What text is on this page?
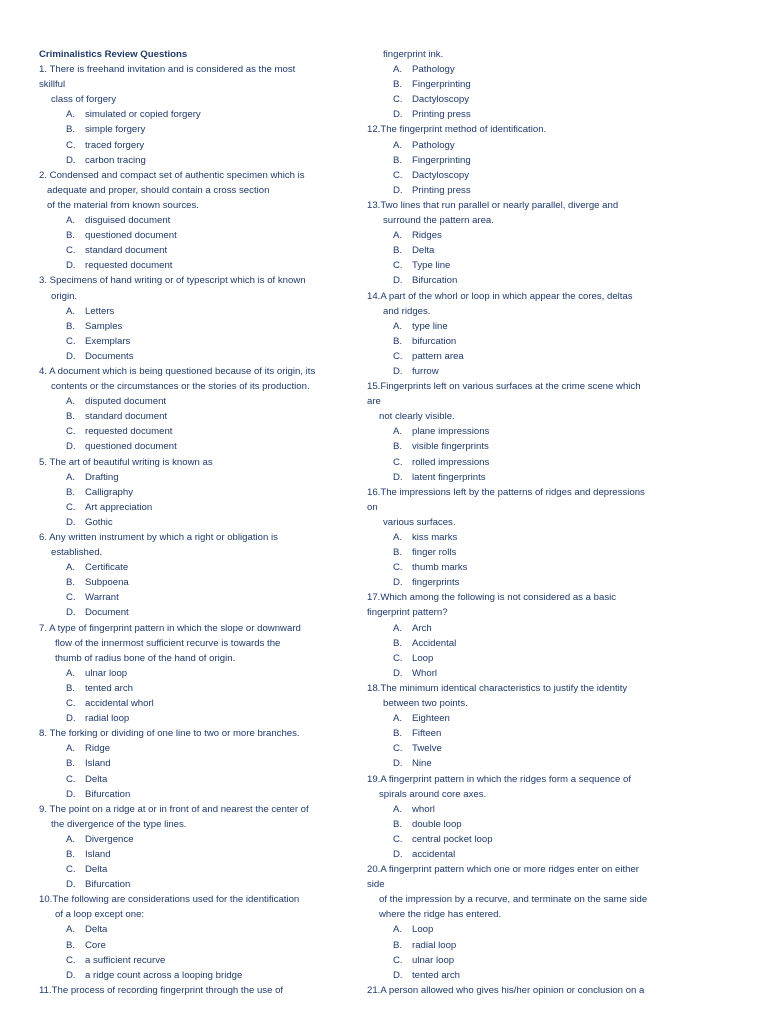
Criminalistics Review Questions
1. There is freehand invitation and is considered as the most
skillful
class of forgery
A. simulated or copied forgery
B. simple forgery
C. traced forgery
D. carbon tracing
2. Condensed and compact set of authentic specimen which is
adequate and proper, should contain a cross section
of the material from known sources.
A. disguised document
B. questioned document
C. standard document
D. requested document
3. Specimens of hand writing or of typescript which is of known
origin.
A. Letters
B. Samples
C. Exemplars
D. Documents
4. A document which is being questioned because of its origin, its
contents or the circumstances or the stories of its production.
A. disputed document
B. standard document
C. requested document
D. questioned document
5. The art of beautiful writing is known as
A. Drafting
B. Calligraphy
C. Art appreciation
D. Gothic
6. Any written instrument by which a right or obligation is
established.
A. Certificate
B. Subpoena
C. Warrant
D. Document
7. A type of fingerprint pattern in which the slope or downward
flow of the innermost sufficient recurve is towards the
thumb of radius bone of the hand of origin.
A. ulnar loop
B. tented arch
C. accidental whorl
D. radial loop
8. The forking or dividing of one line to two or more branches.
A. Ridge
B. Island
C. Delta
D. Bifurcation
9. The point on a ridge at or in front of and nearest the center of
the divergence of the type lines.
A. Divergence
B. Island
C. Delta
D. Bifurcation
10.The following are considerations used for the identification
of a loop except one:
A. Delta
B. Core
C. a sufficient recurve
D. a ridge count across a looping bridge
11.The process of recording fingerprint through the use of
fingerprint ink.
A. Pathology
B. Fingerprinting
C. Dactyloscopy
D. Printing press
12.The fingerprint method of identification.
A. Pathology
B. Fingerprinting
C. Dactyloscopy
D. Printing press
13.Two lines that run parallel or nearly parallel, diverge and
surround the pattern area.
A. Ridges
B. Delta
C. Type line
D. Bifurcation
14.A part of the whorl or loop in which appear the cores, deltas
and ridges.
A. type line
B. bifurcation
C. pattern area
D. furrow
15.Fingerprints left on various surfaces at the crime scene which
are
not clearly visible.
A. plane impressions
B. visible fingerprints
C. rolled impressions
D. latent fingerprints
16.The impressions left by the patterns of ridges and depressions
on
various surfaces.
A. kiss marks
B. finger rolls
C. thumb marks
D. fingerprints
17.Which among the following is not considered as a basic
fingerprint pattern?
A. Arch
B. Accidental
C. Loop
D. Whorl
18.The minimum identical characteristics to justify the identity
between two points.
A. Eighteen
B. Fifteen
C. Twelve
D. Nine
19.A fingerprint pattern in which the ridges form a sequence of
spirals around core axes.
A. whorl
B. double loop
C. central pocket loop
D. accidental
20.A fingerprint pattern which one or more ridges enter on either
side
of the impression by a recurve, and terminate on the same side
where the ridge has entered.
A. Loop
B. radial loop
C. ulnar loop
D. tented arch
21.A person allowed who gives his/her opinion or conclusion on a
